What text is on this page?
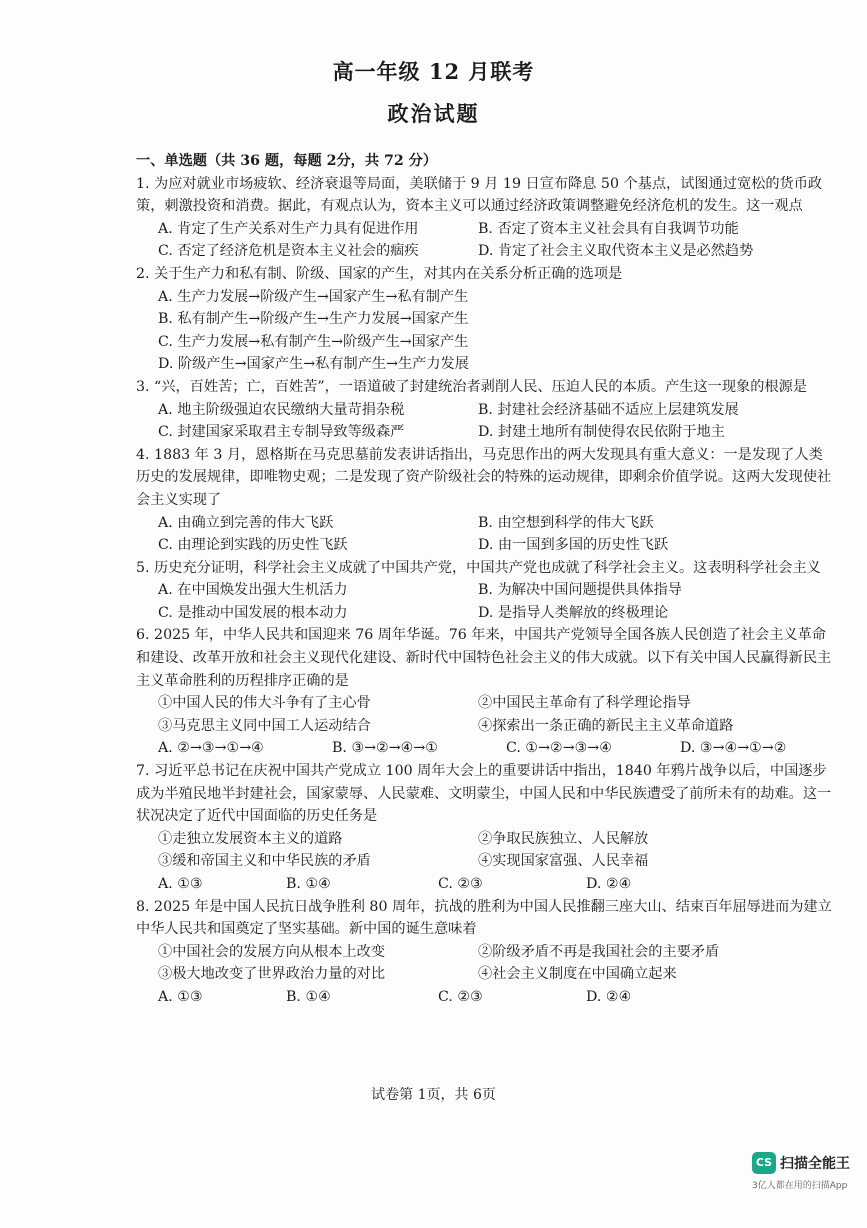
高一年级 12 月联考
政治试题
一、单选题（共 36 题，每题 2分，共 72 分）

1. 为应对就业市场疲软、经济衰退等局面，美联储于 9 月 19 日宣布降息 50 个基点，试图通过宽松的货币政策，刺激投资和消费。据此，有观点认为，资本主义可以通过经济政策调整避免经济危机的发生。这一观点

A. 肯定了生产关系对生产力具有促进作用	B. 否定了资本主义社会具有自我调节功能
C. 否定了经济危机是资本主义社会的痼疾	D. 肯定了社会主义取代资本主义是必然趋势

2. 关于生产力和私有制、阶级、国家的产生，对其内在关系分析正确的选项是

A. 生产力发展→阶级产生→国家产生→私有制产生
B. 私有制产生→阶级产生→生产力发展→国家产生
C. 生产力发展→私有制产生→阶级产生→国家产生
D. 阶级产生→国家产生→私有制产生→生产力发展

3. “兴，百姓苦；亡，百姓苦”，一语道破了封建统治者剥削人民、压迫人民的本质。产生这一现象的根源是

A. 地主阶级强迫农民缴纳大量苛捐杂税	B. 封建社会经济基础不适应上层建筑发展
C. 封建国家采取君主专制导致等级森严	D. 封建土地所有制使得农民依附于地主

4. 1883 年 3 月，恩格斯在马克思墓前发表讲话指出，马克思作出的两大发现具有重大意义：一是发现了人类历史的发展规律，即唯物史观；二是发现了资产阶级社会的特殊的运动规律，即剩余价值学说。这两大发现使社会主义实现了

A. 由确立到完善的伟大飞跃	B. 由空想到科学的伟大飞跃
C. 由理论到实践的历史性飞跃	D. 由一国到多国的历史性飞跃

5. 历史充分证明，科学社会主义成就了中国共产党，中国共产党也成就了科学社会主义。这表明科学社会主义

A. 在中国焕发出强大生机活力	B. 为解决中国问题提供具体指导
C. 是推动中国发展的根本动力	D. 是指导人类解放的终极理论

6. 2025 年，中华人民共和国迎来 76 周年华诞。76 年来，中国共产党领导全国各族人民创造了社会主义革命和建设、改革开放和社会主义现代化建设、新时代中国特色社会主义的伟大成就。以下有关中国人民赢得新民主主义革命胜利的历程排序正确的是

①中国人民的伟大斗争有了主心骨	②中国民主革命有了科学理论指导
③马克思主义同中国工人运动结合	④探索出一条正确的新民主主义革命道路
A. ②→③→①→④	B. ③→②→④→①	C. ①→②→③→④	D. ③→④→①→②

7. 习近平总书记在庆祝中国共产党成立 100 周年大会上的重要讲话中指出，1840 年鸦片战争以后，中国逐步成为半殖民地半封建社会，国家蒙辱、人民蒙难、文明蒙尘，中国人民和中华民族遭受了前所未有的劫难。这一状况决定了近代中国面临的历史任务是

①走独立发展资本主义的道路	②争取民族独立、人民解放
③缓和帝国主义和中华民族的矛盾	④实现国家富强、人民幸福
A. ①③	B. ①④	C. ②③	D. ②④

8. 2025 年是中国人民抗日战争胜利 80 周年，抗战的胜利为中国人民推翻三座大山、结束百年屈辱进而为建立中华人民共和国奠定了坚实基础。新中国的诞生意味着

①中国社会的发展方向从根本上改变	②阶级矛盾不再是我国社会的主要矛盾
③极大地改变了世界政治力量的对比	④社会主义制度在中国确立起来
A. ①③	B. ①④	C. ②③	D. ②④
试卷第 1页，共 6页
CS 扫描全能王
3亿人都在用的扫描App
